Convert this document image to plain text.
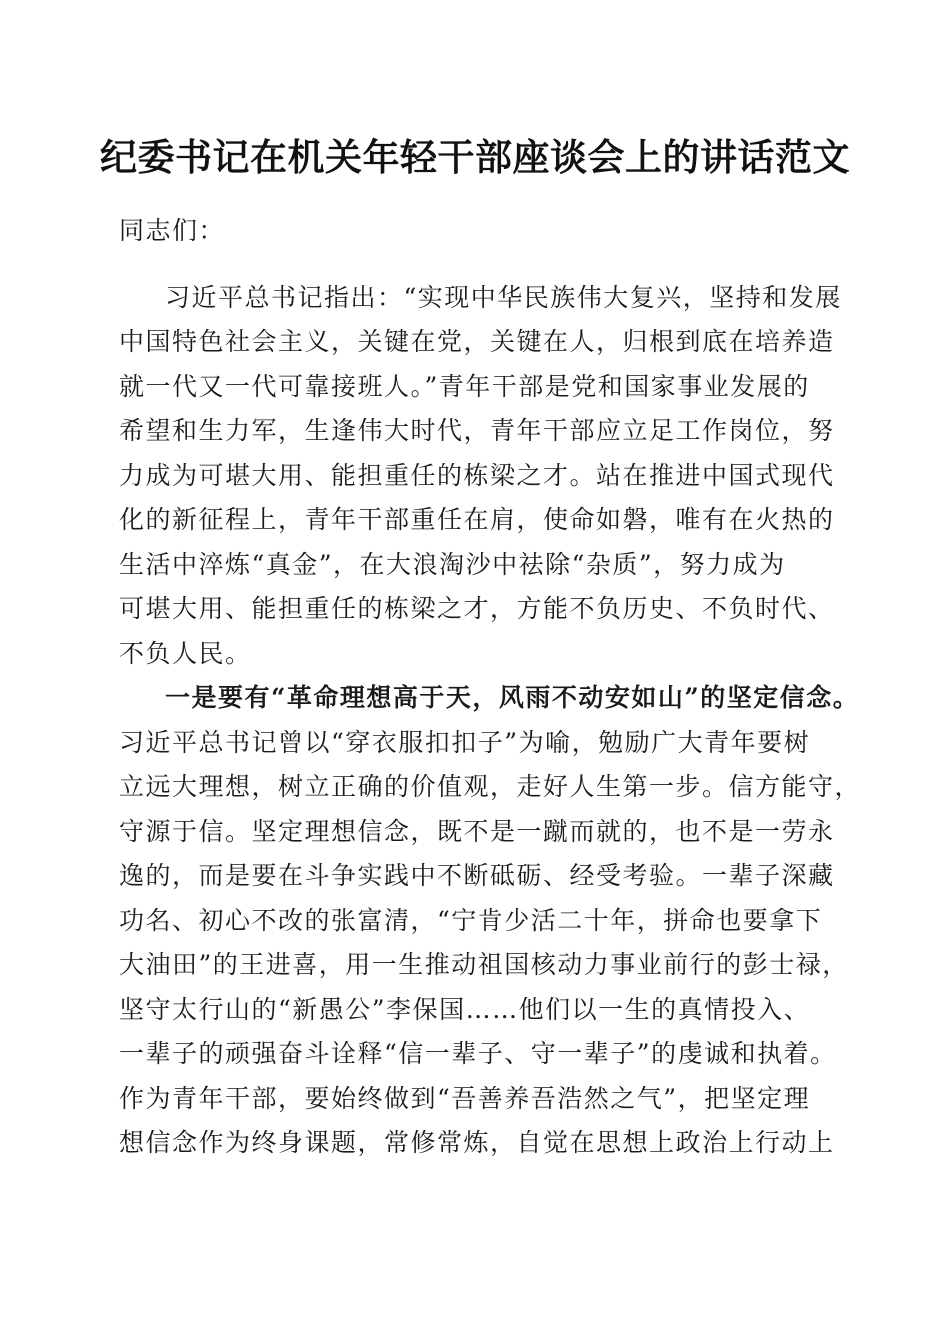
纪委书记在机关年轻干部座谈会上的讲话范文
同志们：
习近平总书记指出：“实现中华民族伟大复兴，坚持和发展
中国特色社会主义，关键在党，关键在人，归根到底在培养造
就一代又一代可靠接班人。”青年干部是党和国家事业发展的
希望和生力军，生逢伟大时代，青年干部应立足工作岗位，努
力成为可堪大用、能担重任的栋梁之才。站在推进中国式现代
化的新征程上，青年干部重任在肩，使命如磐，唯有在火热的
生活中淬炼“真金”，在大浪淘沙中祛除“杂质”，努力成为
可堪大用、能担重任的栋梁之才，方能不负历史、不负时代、
不负人民。
一是要有“革命理想高于天，风雨不动安如山”的坚定信念。
习近平总书记曾以“穿衣服扣扣子”为喻，勉励广大青年要树
立远大理想，树立正确的价值观，走好人生第一步。信方能守，
守源于信。坚定理想信念，既不是一蹴而就的，也不是一劳永
逸的，而是要在斗争实践中不断砥砺、经受考验。一辈子深藏
功名、初心不改的张富清，“宁肯少活二十年，拼命也要拿下
大油田”的王进喜，用一生推动祖国核动力事业前行的彭士禄，
坚守太行山的“新愚公”李保国……他们以一生的真情投入、
一辈子的顽强奋斗诠释“信一辈子、守一辈子”的虔诚和执着。
作为青年干部，要始终做到“吾善养吾浩然之气”，把坚定理
想信念作为终身课题，常修常炼，自觉在思想上政治上行动上
